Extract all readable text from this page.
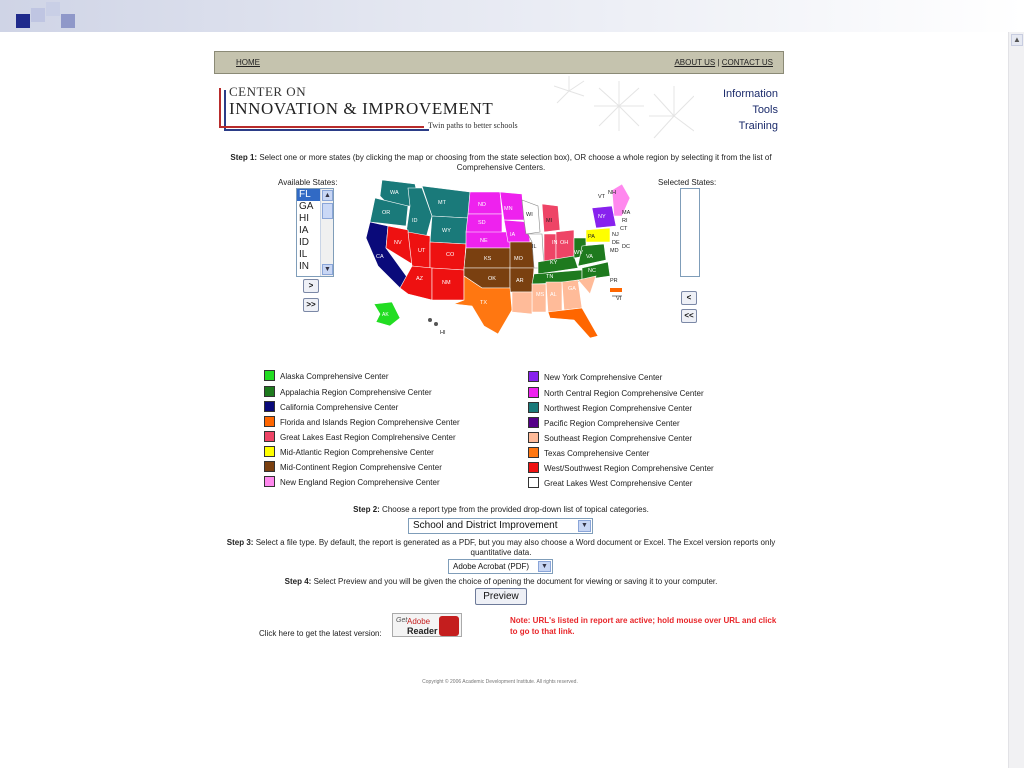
▲
HOME	ABOUT US | CONTACT US
CENTER ON
INNOVATION & IMPROVEMENT
Twin paths to better schools
Information
Tools
Training
Step 1: Select one or more states (by clicking the map or choosing from the state selection box), OR choose a whole region by selecting it from the list of Comprehensive Centers.
Available States:
FL
GA
HI
IA
ID
IL
IN
▲
▼
>
>>
WA
OR
CA
NV
ID
MT
WY
UT
AZ
CO
NM
ND
SD
NE
KS
OK
TX
MN
IA
MO
AR
GA
AL
MS
FL
IN OH
KY
TN
VA
WV
NC
NY
WI
IL
MI
PA
VT
NH
MA
RI
CT
NJ
DE
DC
MD
PR
VI
HI
AK
Selected States:
<
<<
Alaska Comprehensive Center
Appalachia Region Comprehensive Center
California Comprehensive Center
Florida and Islands Region Comprehensive Center
Great Lakes East Region Complrehensive Center
Mid-Atlantic Region Comprehensive Center
Mid-Continent Region Comprehensive Center
New England Region Comprehensive Center
New York Comprehensive Center
North Central Region Comprehensive Center
Northwest Region Comprehensive Center
Pacific Region Comprehensive Center
Southeast Region Comprehensive Center
Texas Comprehensive Center
West/Southwest Region Comprehensive Center
Great Lakes West Comprehensive Center
Step 2: Choose a report type from the provided drop-down list of topical categories.
School and District Improvement	▼
Step 3: Select a file type. By default, the report is generated as a PDF, but you may also choose a Word document or Excel. The Excel version reports only quantitative data.
Adobe Acrobat (PDF)	▼
Step 4: Select Preview and you will be given the choice of opening the document for viewing or saving it to your computer.
Preview
Click here to get the latest version:
Get Adobe
Reader
Note: URL's listed in report are active; hold mouse over URL and click to go to that link.
Copyright © 2006 Academic Development Institute. All rights reserved.
